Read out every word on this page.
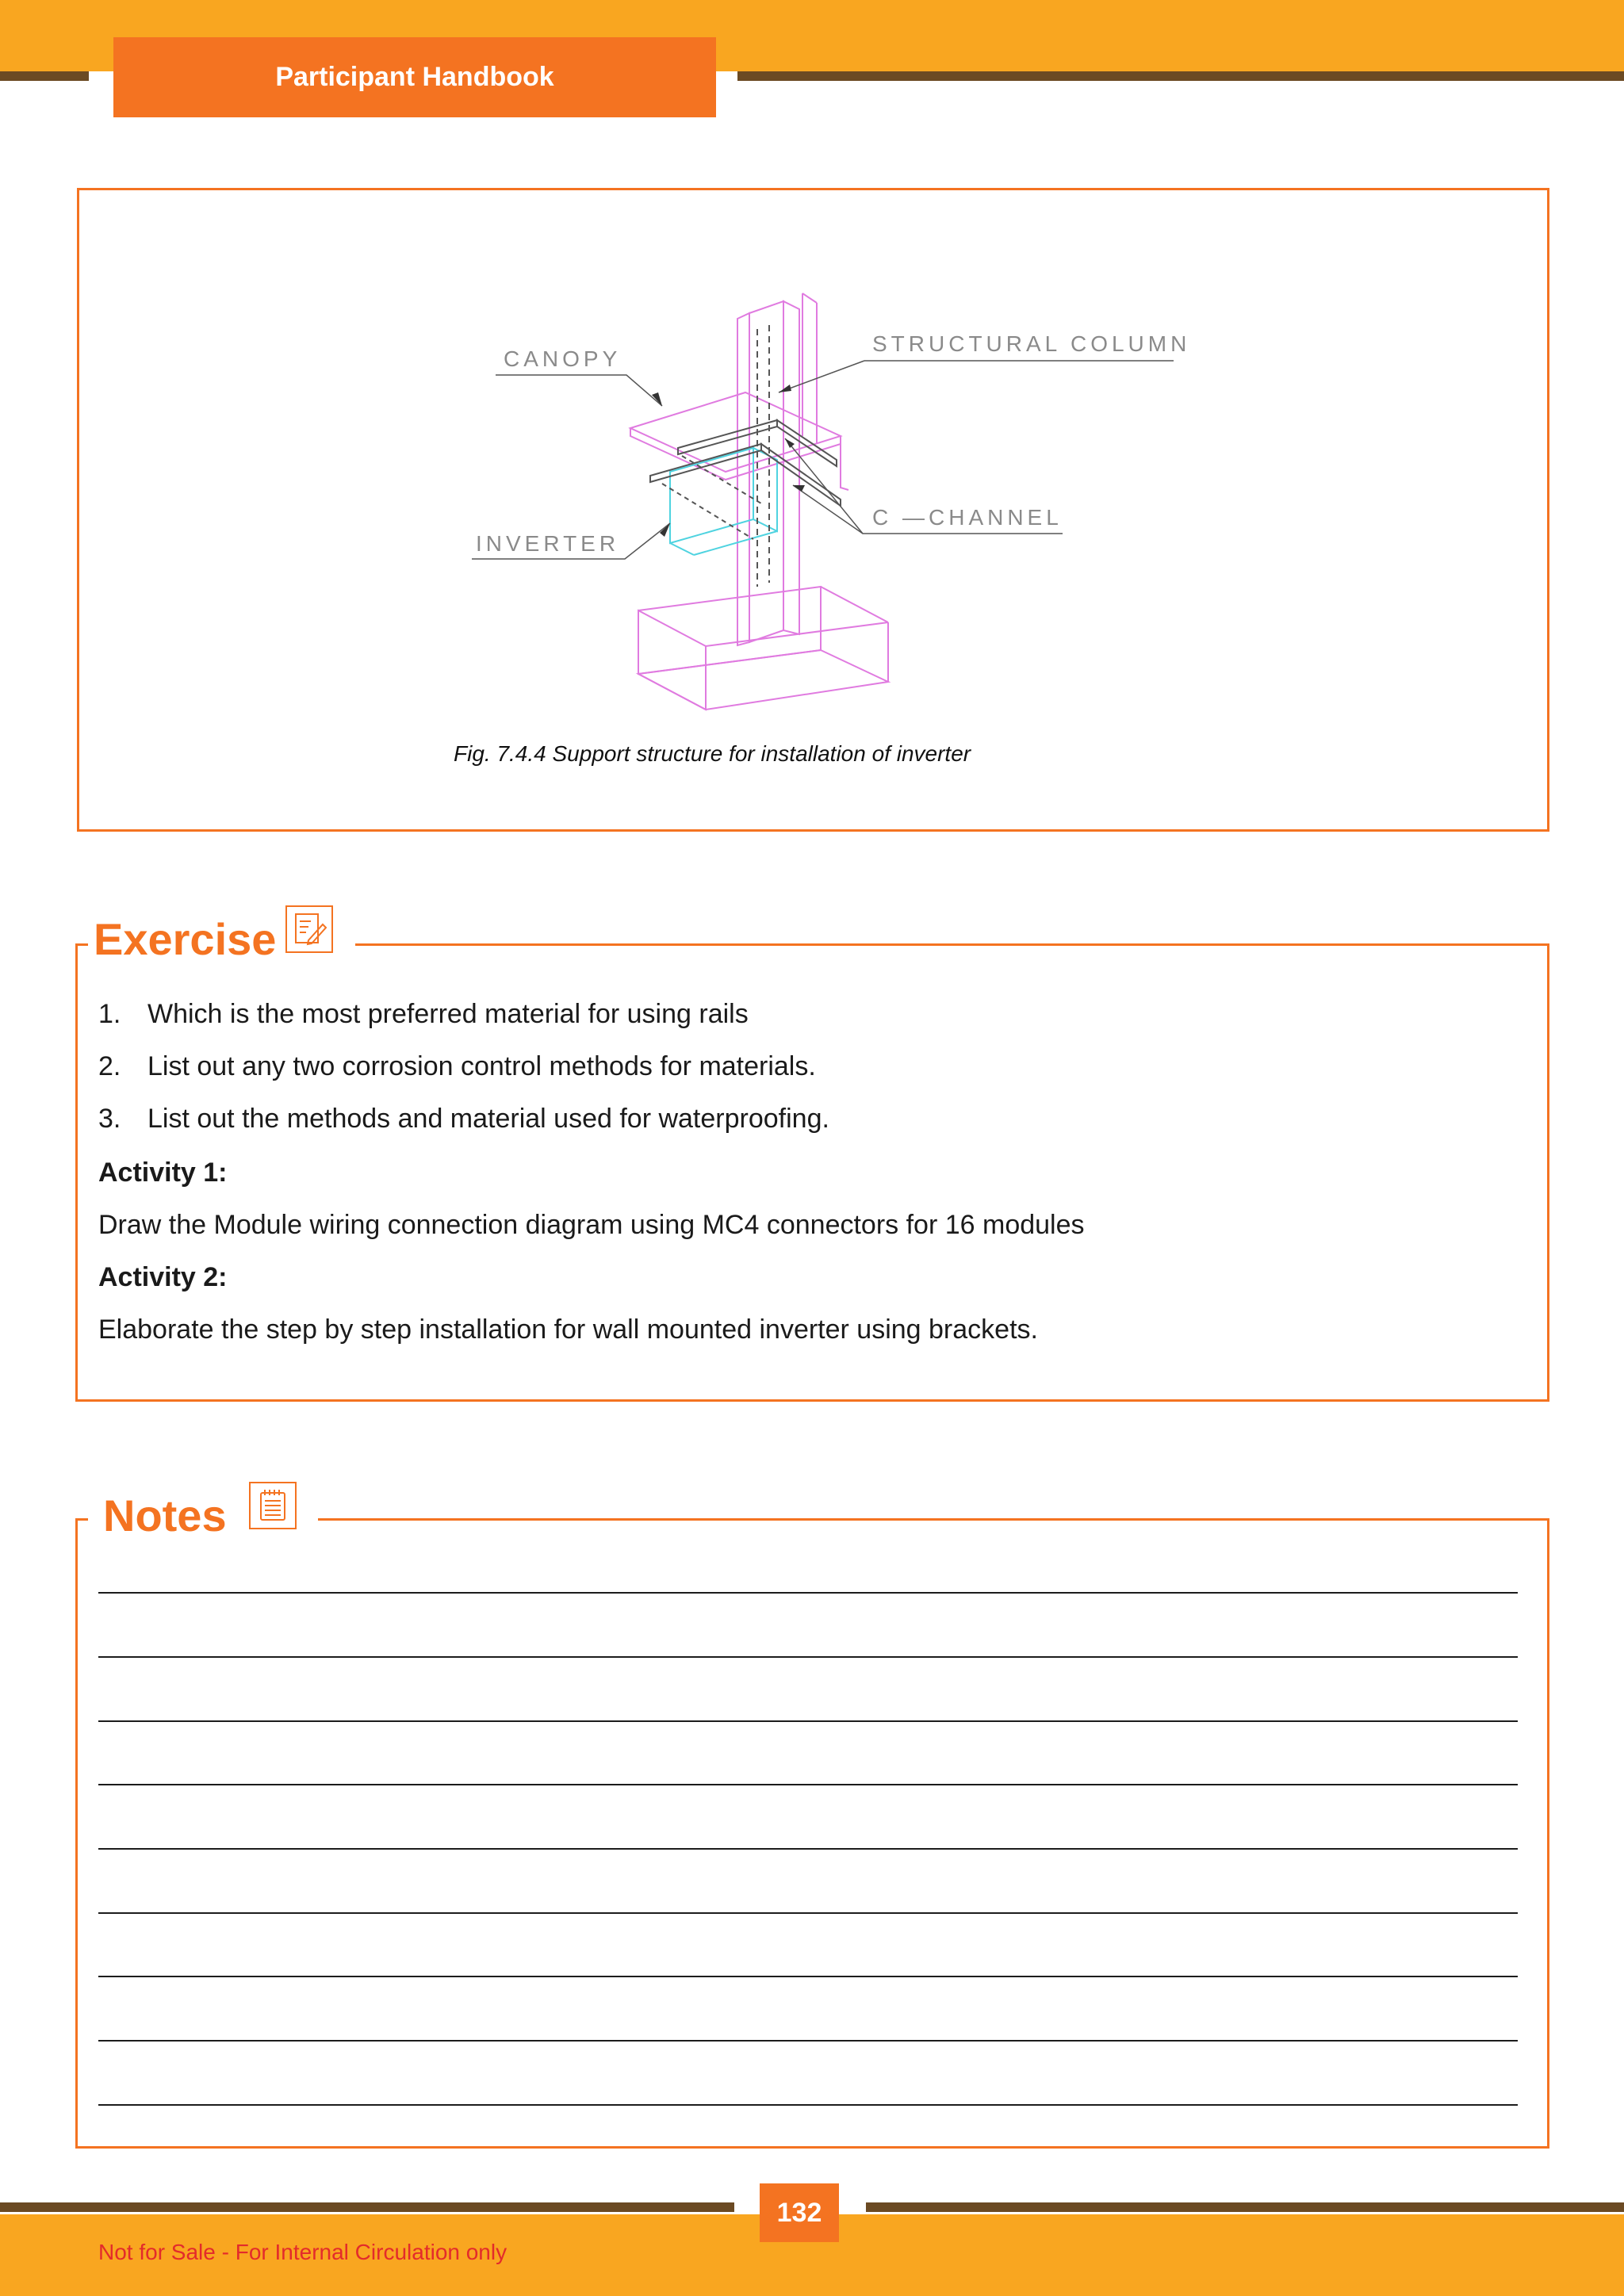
Participant Handbook
CANOPY
STRUCTURAL COLUMN
C —CHANNEL
INVERTER
Fig. 7.4.4 Support structure for installation of inverter
Exercise
1. Which is the most preferred material for using rails
2. List out any two corrosion control methods for materials.
3. List out the methods and material used for waterproofing.
Activity 1:
Draw the Module wiring connection diagram using MC4 connectors for 16 modules
Activity 2:
Elaborate the step by step installation for wall mounted inverter using brackets.
Notes
132
Not for Sale - For Internal Circulation only
